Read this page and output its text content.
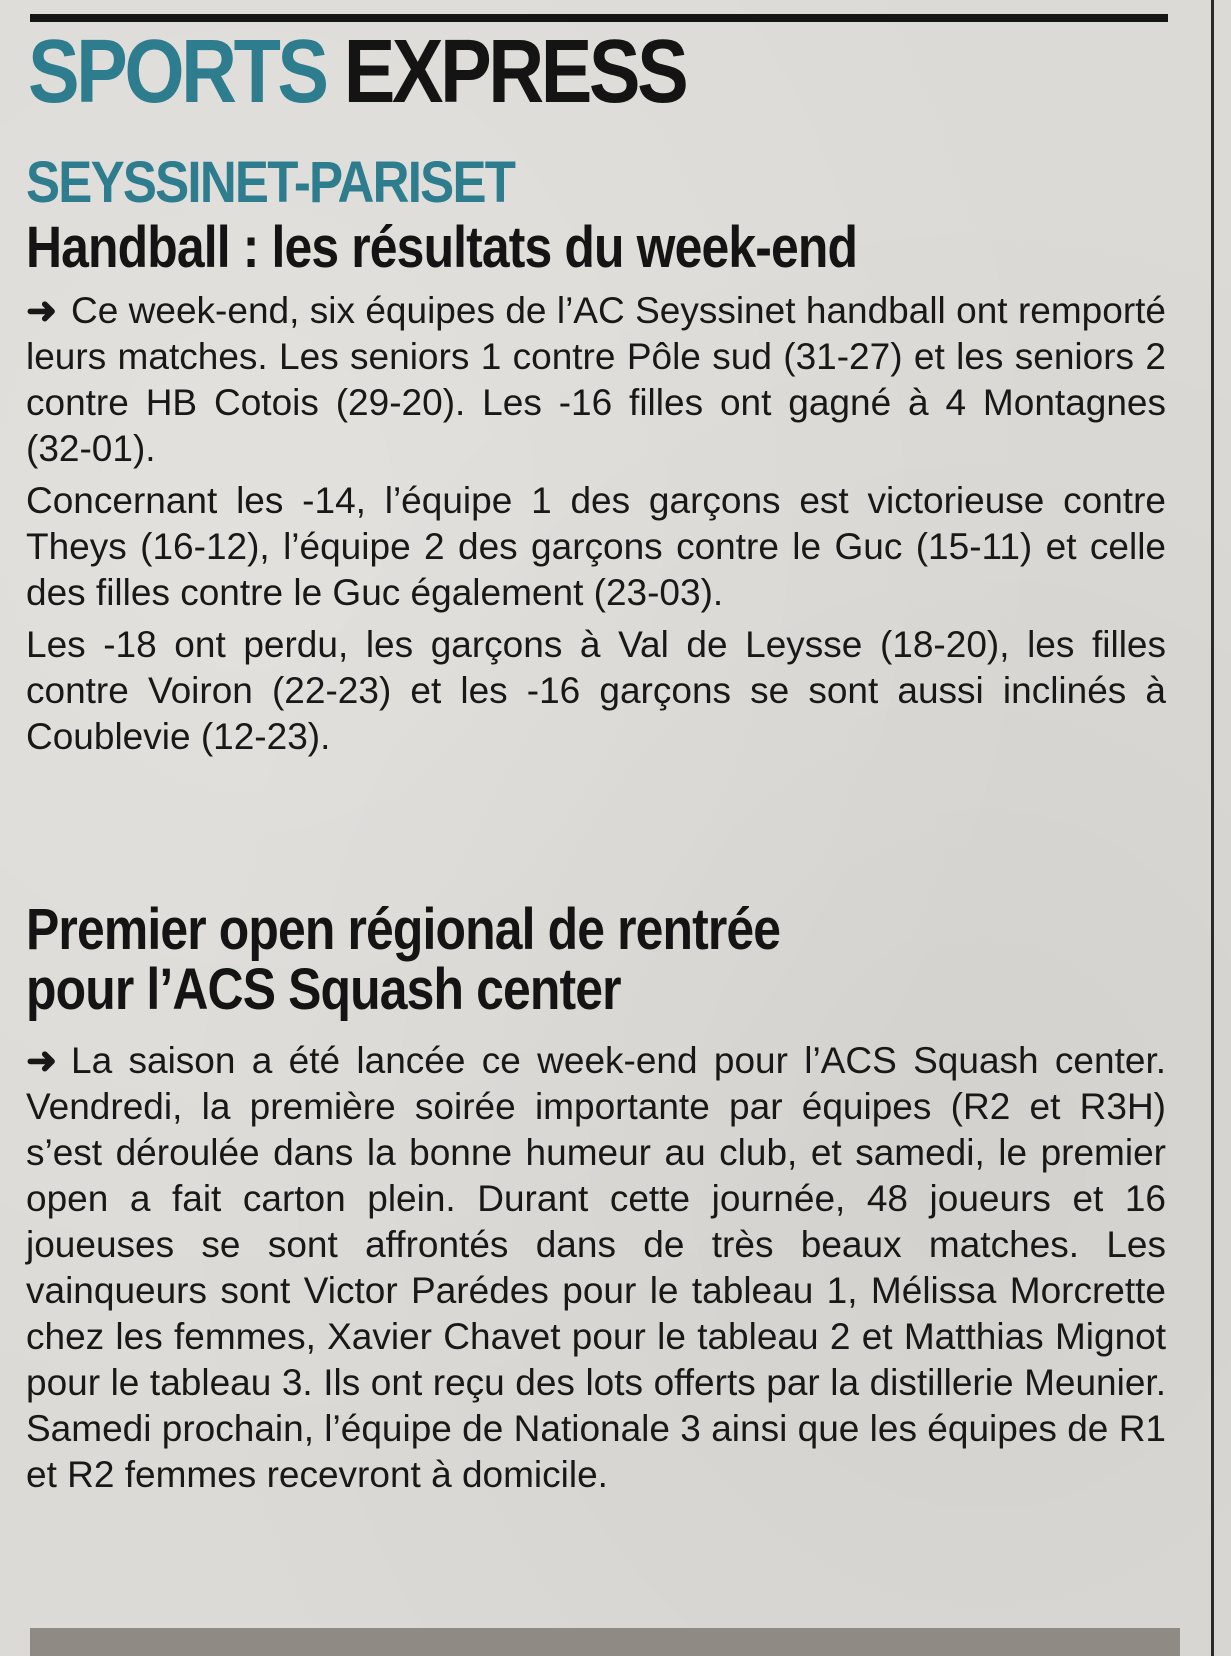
SPORTS EXPRESS
SEYSSINET-PARISET
Handball : les résultats du week-end

➜ Ce week-end, six équipes de l’AC Seyssinet handball ont remporté leurs matches. Les seniors 1 contre Pôle sud (31-27) et les seniors 2 contre HB Cotois (29-20). Les -16 filles ont gagné à 4 Montagnes (32-01).

Concernant les -14, l’équipe 1 des garçons est victorieuse contre Theys (16-12), l’équipe 2 des garçons contre le Guc (15-11) et celle des filles contre le Guc également (23-03).

Les -18 ont perdu, les garçons à Val de Leysse (18-20), les filles contre Voiron (22-23) et les -16 garçons se sont aussi inclinés à Coublevie (12-23).

Premier open régional de rentrée
pour l’ACS Squash center

➜ La saison a été lancée ce week-end pour l’ACS Squash center. Vendredi, la première soirée importante par équipes (R2 et R3H) s’est déroulée dans la bonne humeur au club, et samedi, le premier open a fait carton plein. Durant cette journée, 48 joueurs et 16 joueuses se sont affrontés dans de très beaux matches. Les vainqueurs sont Victor Parédes pour le tableau 1, Mélissa Morcrette chez les femmes, Xavier Chavet pour le tableau 2 et Matthias Mignot pour le tableau 3. Ils ont reçu des lots offerts par la distillerie Meunier. Samedi prochain, l’équipe de Nationale 3 ainsi que les équipes de R1 et R2 femmes recevront à domicile.
